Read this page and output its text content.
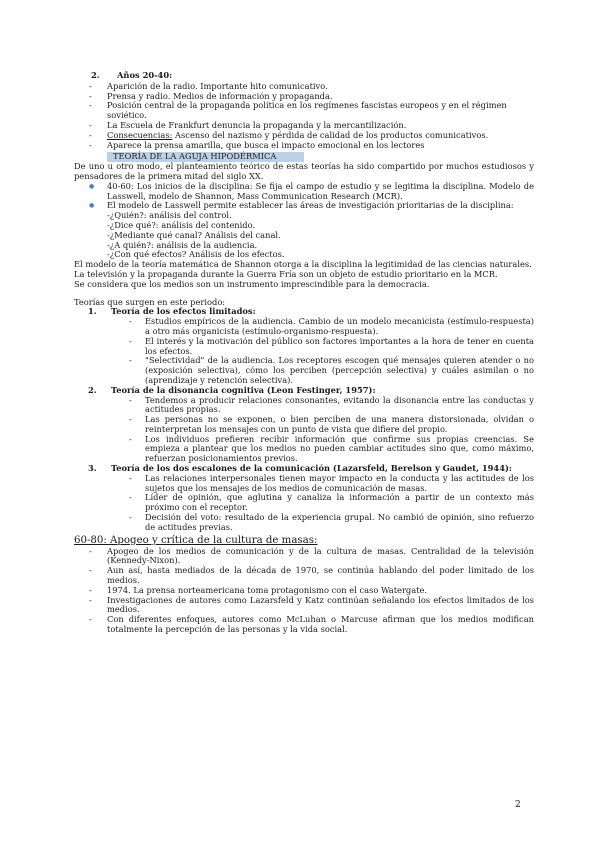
2. Años 20-40:
- Aparición de la radio. Importante hito comunicativo.
- Prensa y radio. Medios de información y propaganda.
- Posición central de la propaganda política en los regímenes fascistas europeos y en el régimen soviético.
- La Escuela de Frankfurt denuncia la propaganda y la mercantilización.
- Consecuencias: Ascenso del nazismo y pérdida de calidad de los productos comunicativos.
- Aparece la prensa amarilla, que busca el impacto emocional en los lectores
TEORÍA DE LA AGUJA HIPODÉRMICA

De uno u otro modo, el planteamiento teórico de estas teorías ha sido compartido por muchos estudiosos y pensadores de la primera mitad del siglo XX.

● 40-60: Los inicios de la disciplina: Se fija el campo de estudio y se legitima la disciplina. Modelo de Lasswell, modelo de Shannon, Mass Communication Research (MCR).
● El modelo de Lasswell permite establecer las áreas de investigación prioritarias de la disciplina:

-¿Quién?: análisis del control.

-¿Dice qué?: análisis del contenido.

-¿Mediante qué canal? Análisis del canal.

-¿A quién?: análisis de la audiencia.

-¿Con qué efectos? Análisis de los efectos.

El modelo de la teoría matemática de Shannon otorga a la disciplina la legitimidad de las ciencias naturales.

La televisión y la propaganda durante la Guerra Fría son un objeto de estudio prioritario en la MCR.

Se considera que los medios son un instrumento imprescindible para la democracia.

Teorías que surgen en este periodo:

1. Teoría de los efectos limitados:
- Estudios empíricos de la audiencia. Cambio de un modelo mecanicista (estímulo-respuesta) a otro más organicista (estímulo-organismo-respuesta).
- El interés y la motivación del público son factores importantes a la hora de tener en cuenta los efectos.
- "Selectividad" de la audiencia. Los receptores escogen qué mensajes quieren atender o no (exposición selectiva), cómo los perciben (percepción selectiva) y cuáles asimilan o no (aprendizaje y retención selectiva).
2. Teoría de la disonancia cognitiva (Leon Festinger, 1957):
- Tendemos a producir relaciones consonantes, evitando la disonancia entre las conductas y actitudes propias.
- Las personas no se exponen, o bien perciben de una manera distorsionada, olvidan o reinterpretan los mensajes con un punto de vista que difiere del propio.
- Los individuos prefieren recibir información que confirme sus propias creencias. Se empieza a plantear que los medios no pueden cambiar actitudes sino que, como máximo, refuerzan posicionamientos previos.
3. Teoría de los dos escalones de la comunicación (Lazarsfeld, Berelson y Gaudet, 1944):
- Las relaciones interpersonales tienen mayor impacto en la conducta y las actitudes de los sujetos que los mensajes de los medios de comunicación de masas.
- Líder de opinión, que aglutina y canaliza la información a partir de un contexto más próximo con el receptor.
- Decisión del voto: resultado de la experiencia grupal. No cambió de opinión, sino refuerzo de actitudes previas.
60-80: Apogeo y crítica de la cultura de masas:
- Apogeo de los medios de comunicación y de la cultura de masas. Centralidad de la televisión (Kennedy-Nixon).
- Aun así, hasta mediados de la década de 1970, se continúa hablando del poder limitado de los medios.
- 1974. La prensa norteamericana toma protagonismo con el caso Watergate.
- Investigaciones de autores como Lazarsfeld y Katz continúan señalando los efectos limitados de los medios.
- Con diferentes enfoques, autores como McLuhan o Marcuse afirman que los medios modifican totalmente la percepción de las personas y la vida social.
2
